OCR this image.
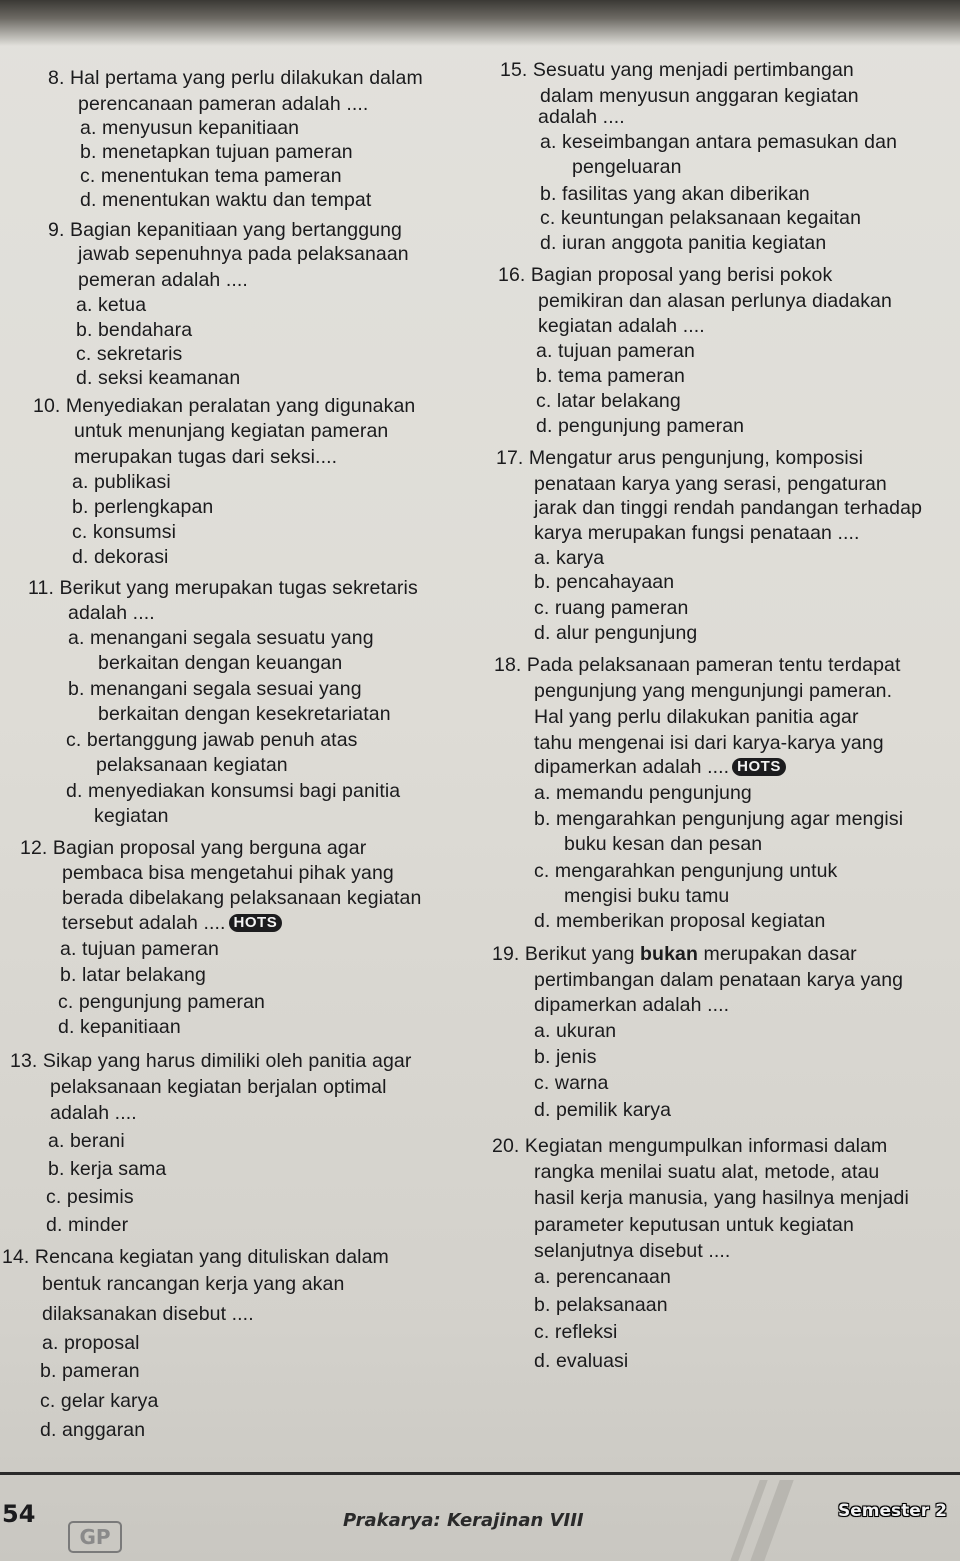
8. Hal pertama yang perlu dilakukan dalam
perencanaan pameran adalah ....
a. menyusun kepanitiaan
b. menetapkan tujuan pameran
c. menentukan tema pameran
d. menentukan waktu dan tempat
9. Bagian kepanitiaan yang bertanggung
jawab sepenuhnya pada pelaksanaan
pemeran adalah ....
a. ketua
b. bendahara
c. sekretaris
d. seksi keamanan
10. Menyediakan peralatan yang digunakan
untuk menunjang kegiatan pameran
merupakan tugas dari seksi....
a. publikasi
b. perlengkapan
c. konsumsi
d. dekorasi
11. Berikut yang merupakan tugas sekretaris
adalah ....
a. menangani segala sesuatu yang
berkaitan dengan keuangan
b. menangani segala sesuai yang
berkaitan dengan kesekretariatan
c. bertanggung jawab penuh atas
pelaksanaan kegiatan
d. menyediakan konsumsi bagi panitia
kegiatan
12. Bagian proposal yang berguna agar
pembaca bisa mengetahui pihak yang
berada dibelakang pelaksanaan kegiatan
tersebut adalah .... HOTS
a. tujuan pameran
b. latar belakang
c. pengunjung pameran
d. kepanitiaan
13. Sikap yang harus dimiliki oleh panitia agar
pelaksanaan kegiatan berjalan optimal
adalah ....
a. berani
b. kerja sama
c. pesimis
d. minder
14. Rencana kegiatan yang dituliskan dalam
bentuk rancangan kerja yang akan
dilaksanakan disebut ....
a. proposal
b. pameran
c. gelar karya
d. anggaran
15. Sesuatu yang menjadi pertimbangan
dalam menyusun anggaran kegiatan
adalah ....
a. keseimbangan antara pemasukan dan
pengeluaran
b. fasilitas yang akan diberikan
c. keuntungan pelaksanaan kegaitan
d. iuran anggota panitia kegiatan
16. Bagian proposal yang berisi pokok
pemikiran dan alasan perlunya diadakan
kegiatan adalah ....
a. tujuan pameran
b. tema pameran
c. latar belakang
d. pengunjung pameran
17. Mengatur arus pengunjung, komposisi
penataan karya yang serasi, pengaturan
jarak dan tinggi rendah pandangan terhadap
karya merupakan fungsi penataan ....
a. karya
b. pencahayaan
c. ruang pameran
d. alur pengunjung
18. Pada pelaksanaan pameran tentu terdapat
pengunjung yang mengunjungi pameran.
Hal yang perlu dilakukan panitia agar
tahu mengenai isi dari karya-karya yang
dipamerkan adalah .... HOTS
a. memandu pengunjung
b. mengarahkan pengunjung agar mengisi
buku kesan dan pesan
c. mengarahkan pengunjung untuk
mengisi buku tamu
d. memberikan proposal kegiatan
19. Berikut yang bukan merupakan dasar
pertimbangan dalam penataan karya yang
dipamerkan adalah ....
a. ukuran
b. jenis
c. warna
d. pemilik karya
20. Kegiatan mengumpulkan informasi dalam
rangka menilai suatu alat, metode, atau
hasil kerja manusia, yang hasilnya menjadi
parameter keputusan untuk kegiatan
selanjutnya disebut ....
a. perencanaan
b. pelaksanaan
c. refleksi
d. evaluasi
54
GP
Prakarya: Kerajinan VIII	Semester 2
